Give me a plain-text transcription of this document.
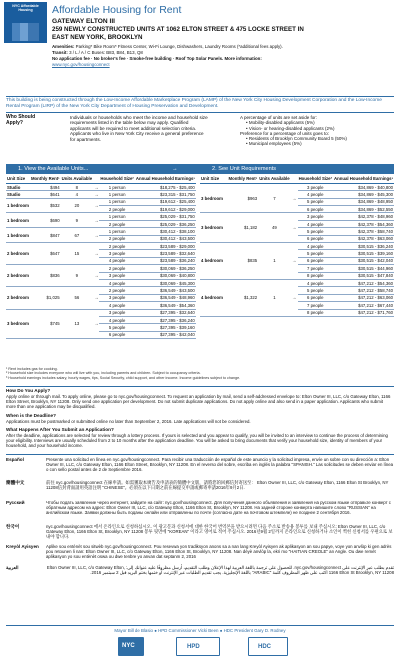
NYC Affordable Housing	Affordable Housing for Rent
GATEWAY ELTON III
259 NEWLY CONSTRUCTED UNITS AT 1062 ELTON STREET & 475 LOCKE STREET IN
EAST NEW YORK, BROOKLYN
Amenities: Parking* Bike Room* Fitness Center, Wi-Fi Lounge, Dishwashers, Laundry Rooms (*additional fees apply).
Transit: 3 / L / A / C Buses: B83, B84, B13, Q8
No application fee · No broker's fee · Smoke-free building · Roof Top Solar Panels. More information:
www.nyc.gov/housingconnect
This building is being constructed through the Low-Income Affordable Marketplace Program (LAMP) of the New York City Housing Development Corporation and the Low-Income Rental Program (LIRP) of the New York City Department of Housing Preservation and Development.
Who Should Apply?
Individuals or households who meet the income and household size requirements listed in the table below may apply. Qualified applicants will be required to meet additional selection criteria. Applicants who live in New York City receive a general preference for apartments.
A percentage of units are set aside for:
• Mobility-disabled applicants (5%)
• Vision- or hearing-disabled applicants (2%)
Preference for a percentage of units goes to:
• Residents of Brooklyn Community Board 5 (50%)
• Municipal employees (5%)
1. View the Available Units...	→	2. See Unit Requirements
Unit Size	Monthly Rent¹	Units Available		Household Size²	Annual Household Earnings³
Studio	$494	8	→	1 person	$18,275 - $25,400
Studio	$641	4	→	1 person	$23,315 - $31,750
1 bedroom	$532	20	→	1 person	$19,612 - $25,400
				2 people	$19,612 - $29,000
1 bedroom	$690	9	→	1 person	$25,029 - $31,750
				2 people	$25,029 - $36,250
1 bedroom	$847	67	→	1 person	$30,412 - $38,100
				2 people	$30,412 - $43,500
2 bedroom	$647	15	→	2 people	$23,589 - $29,000
				3 people	$23,589 - $32,640
				4 people	$23,589 - $36,240
2 bedroom	$836	9	→	2 people	$30,069 - $36,250
				3 people	$30,069 - $40,800
				4 people	$30,069 - $45,300
2 bedroom	$1,025	56	→	2 people	$36,549 - $43,500
				3 people	$36,549 - $48,960
				4 people	$36,549 - $54,360
3 bedroom	$745	13	→	3 people	$27,395 - $32,640
				4 people	$27,395 - $36,240
				5 people	$27,395 - $39,160
				6 people	$27,395 - $42,040
Unit Size	Monthly Rent¹	Units Available		Household Size²	Annual Household Earnings³
3 bedroom	$963	7	→	3 people	$34,869 - $40,800
				4 people	$34,869 - $45,300
				5 people	$34,869 - $48,950
				6 people	$34,869 - $52,550
3 bedroom	$1,182	49	→	3 people	$42,378 - $48,960
				4 people	$42,378 - $54,360
				5 people	$42,378 - $58,740
				6 people	$42,378 - $63,060
4 bedroom	$835	1	→	4 people	$30,515 - $36,240
				5 people	$30,515 - $39,160
				6 people	$30,515 - $42,040
				7 people	$30,515 - $44,960
				8 people	$30,515 - $47,840
4 bedroom	$1,322	1	→	4 people	$47,212 - $54,360
				5 people	$47,212 - $58,740
				6 people	$47,212 - $63,060
				7 people	$47,212 - $67,440
				8 people	$47,212 - $71,760
¹ Rent includes gas for cooking.
² Household size includes everyone who will live with you, including parents and children. Subject to occupancy criteria.
³ Household earnings includes salary, hourly wages, tips, Social Security, child support, and other income. Income guidelines subject to change.
How Do You Apply?
Apply online or through mail. To apply online, please go to nyc.gov/housingconnect. To request an application by mail, send a self-addressed envelope to: Elton Owner III, LLC, c/o Gateway Elton, 1166 Elton Street, Brooklyn, NY 11208. Only send one application per development. Do not submit duplicate applications. Do not apply online and also send in a paper application. Applicants who submit more than one application may be disqualified.
When is the Deadline?
Applications must be postmarked or submitted online no later than September 2, 2016. Late applications will not be considered.
What Happens After You Submit an Application?
After the deadline, applications are selected for review through a lottery process. If yours is selected and you appear to qualify, you will be invited to an interview to continue the process of determining your eligibility. Interviews are usually scheduled from 2 to 10 months after the application deadline. You will be asked to bring documents that verify your household size, identity of members of your household, and your household income.
Español	Presente una solicitud en línea en nyc.gov/housingconnect. Para recibir una traducción de español de este anuncio y la solicitud impresa, envíe un sobre con su dirección a: Elton Owner III, LLC, c/o Gateway Elton, 1166 Elton Street, Brooklyn, NY 11208. En el reverso del sobre, escriba en inglés la palabra "SPANISH." Las solicitudes se deben enviar en línea o con sello postal antes de 2 de Septiembre 2016.
簡體中文	前往 nyc.gov/housingconnect 在線申請。如需獲取本廣告及申請表的簡體中文版，請將您的回郵信封寄送至： Elton Owner III, LLC, c/o Gateway Elton, 1166 Elton St Brooklyn, NY 11208信封背面請用英語注明 "CHINESE"。必須在以下日期之前在線提交申請或郵寄申請2016年9月2日.
Русский	Чтобы подать заявление через интернет, зайдите на сайт: nyc.gov/housingconnect. Для получения данного объявления и заявления на русском языке отправьте конверт с обратным адресом на адрес: Elton Owner III, LLC, c/o Gateway Elton, 1166 Elton St, Brooklyn, NY 11208. На задней стороне конверта напишите слово "RUSSIAN" на английском языке. Заявки должны быть поданы онлайн или отправлены по почте (согласно дате на почтовом штемпеле) не позднее 2 сентября 2016.
한국어	nyc.gov/housingconnect 에서 온라인으로 신청하십시오. 이 광고문과 신청서에 대한 한국어 번역본을 받으시려면 다음 주소로 반송용 봉투를 보내 주십시오: Elton Owner III, LLC, c/o Gateway Elton, 1166 Elton St, Brooklyn, NY 11208 봉투 뒷면에 "KOREAN" 이라고 영어로 적어 주십시오. 2016년9월 2일까지 온라인으로 신청하거나 소인이 찍힌 신청서를 우편으로 보내야 합니다.
Kreyòl Ayisyen	Aplike sou entènèt sou sitwèb nyc.gov/housingconnect. Pou resevwa yon tradiksyon anons sa a nan lang Kreyòl Ayisyen ak aplikasyon an sou papye, voye yon anvlòp ki gen adrès pou retounen li nan: Elton Owner III, LLC, c/o Gateway Elton, 1166 Elton St, Brooklyn, NY 11208. Nan dèyè anvlòp la, ekri mo "HAITIAN CREOLE" an Angle. Ou dwe remèt aplikasyon yo sou entènèt oswa ou dwe tenbre yo anvan dat septanm 2, 2016
العربية	تقدم بطلب عبر الإنترنت على nyc.gov/housingconnect. للحصول على ترجمة باللغة العربية لهذا الإعلان وطلب التقديم، أرسل مظروفًا عليه عنوانك إلى: Elton Owner III, LLC, c/o Gateway Elton, 1166 Elton St Brooklyn, NY 11208 اكتب على ظهر المظروف كلمة "ARABIC" باللغة الإنجليزية. يجب تقديم الطلبات عبر الإنترنت أو ختمها بختم البريد قبل 2 سبتمبر 2016.
Mayor Bill de Blasio ● HPD Commissioner Vicki Been ● HDC President Gary D. Rodney
NYC	HPD	HDC
